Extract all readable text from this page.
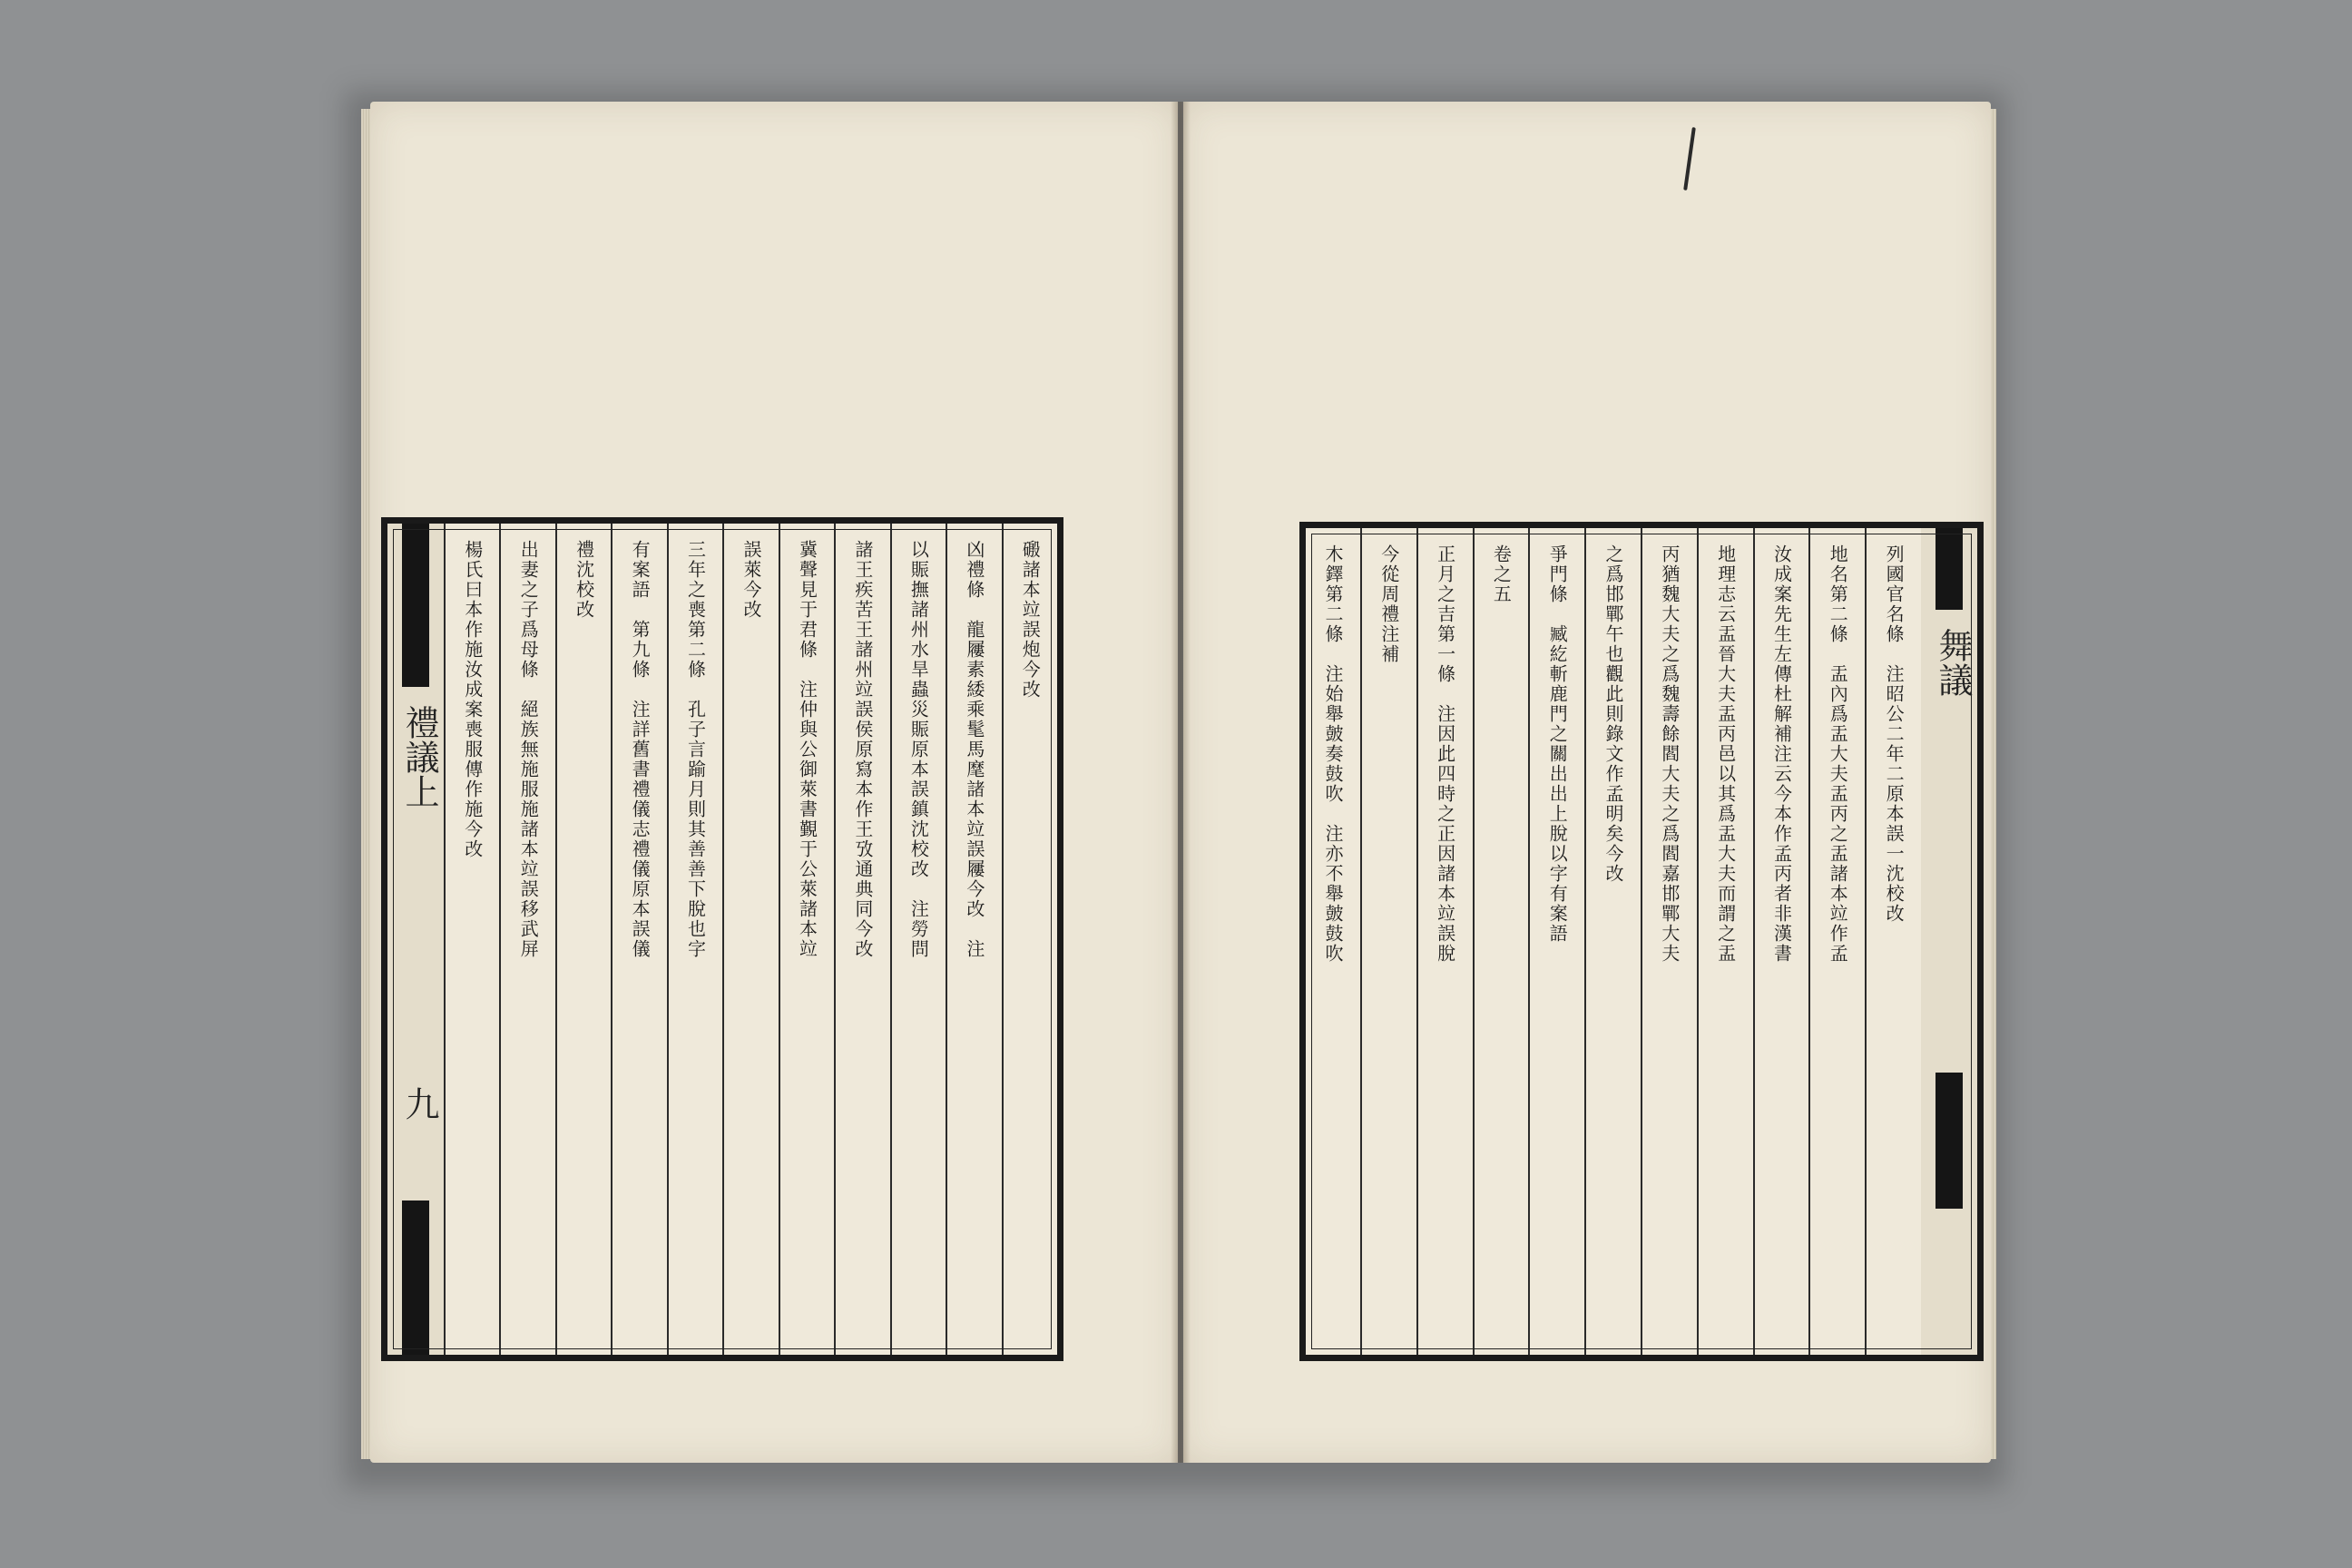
磤諸本竝誤炮今改
凶禮條　龍屨素緌乘髦馬麾諸本竝誤屨今改　注
以賑撫諸州水旱蟲災賑原本誤鎮沈校改　注勞問
諸王疾苦王諸州竝誤侯原寫本作王攷通典同今改
冀聲見于君條　注仲與公御萊書覲于公萊諸本竝
誤萊今改
三年之喪第二條　孔子言踰月則其善善下脫也字
有案語　第九條　注詳舊書禮儀志禮儀原本誤儀
禮沈校改
出妻之子爲母條　絕族無施服施諸本竝誤移武屏
楊氏曰本作施汝成案喪服傳作施今改
禮議上
九
舞議
列國官名條　注昭公二年二原本誤一沈校改
地名第二條　盂內爲盂大夫盂丙之盂諸本竝作孟
汝成案先生左傳杜解補注云今本作孟丙者非漢書
地理志云盂晉大夫盂丙邑以其爲盂大夫而謂之盂
丙猶魏大夫之爲魏壽餘閻大夫之爲閻嘉邯鄲大夫
之爲邯鄲午也觀此則錄文作孟明矣今改
爭門條　臧紇斬鹿門之關出出上脫以字有案語
卷之五
正月之吉第一條　注因此四時之正因諸本竝誤脫
今從周禮注補
木鐸第二條　注始舉皷奏鼓吹　注亦不舉皷鼓吹
